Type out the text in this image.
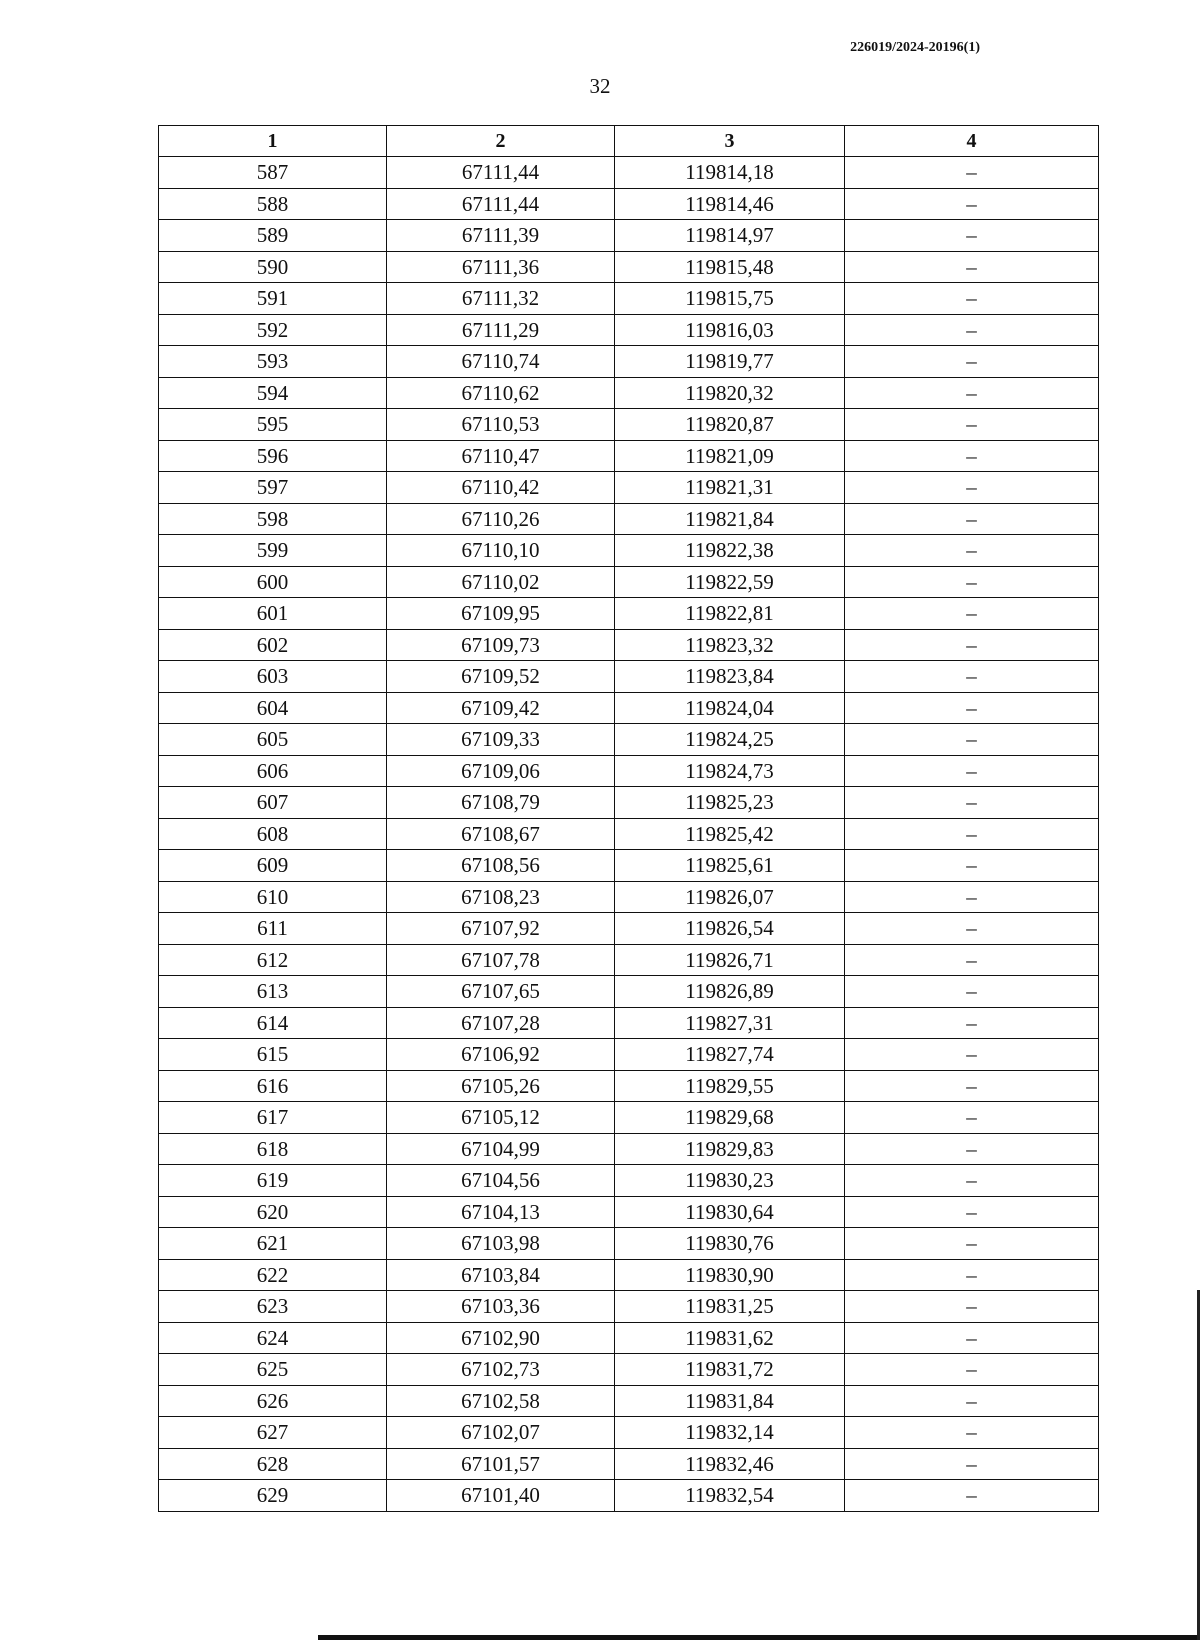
226019/2024-20196(1)
32
1	2	3	4
587	67111,44	119814,18	–
588	67111,44	119814,46	–
589	67111,39	119814,97	–
590	67111,36	119815,48	–
591	67111,32	119815,75	–
592	67111,29	119816,03	–
593	67110,74	119819,77	–
594	67110,62	119820,32	–
595	67110,53	119820,87	–
596	67110,47	119821,09	–
597	67110,42	119821,31	–
598	67110,26	119821,84	–
599	67110,10	119822,38	–
600	67110,02	119822,59	–
601	67109,95	119822,81	–
602	67109,73	119823,32	–
603	67109,52	119823,84	–
604	67109,42	119824,04	–
605	67109,33	119824,25	–
606	67109,06	119824,73	–
607	67108,79	119825,23	–
608	67108,67	119825,42	–
609	67108,56	119825,61	–
610	67108,23	119826,07	–
611	67107,92	119826,54	–
612	67107,78	119826,71	–
613	67107,65	119826,89	–
614	67107,28	119827,31	–
615	67106,92	119827,74	–
616	67105,26	119829,55	–
617	67105,12	119829,68	–
618	67104,99	119829,83	–
619	67104,56	119830,23	–
620	67104,13	119830,64	–
621	67103,98	119830,76	–
622	67103,84	119830,90	–
623	67103,36	119831,25	–
624	67102,90	119831,62	–
625	67102,73	119831,72	–
626	67102,58	119831,84	–
627	67102,07	119832,14	–
628	67101,57	119832,46	–
629	67101,40	119832,54	–
